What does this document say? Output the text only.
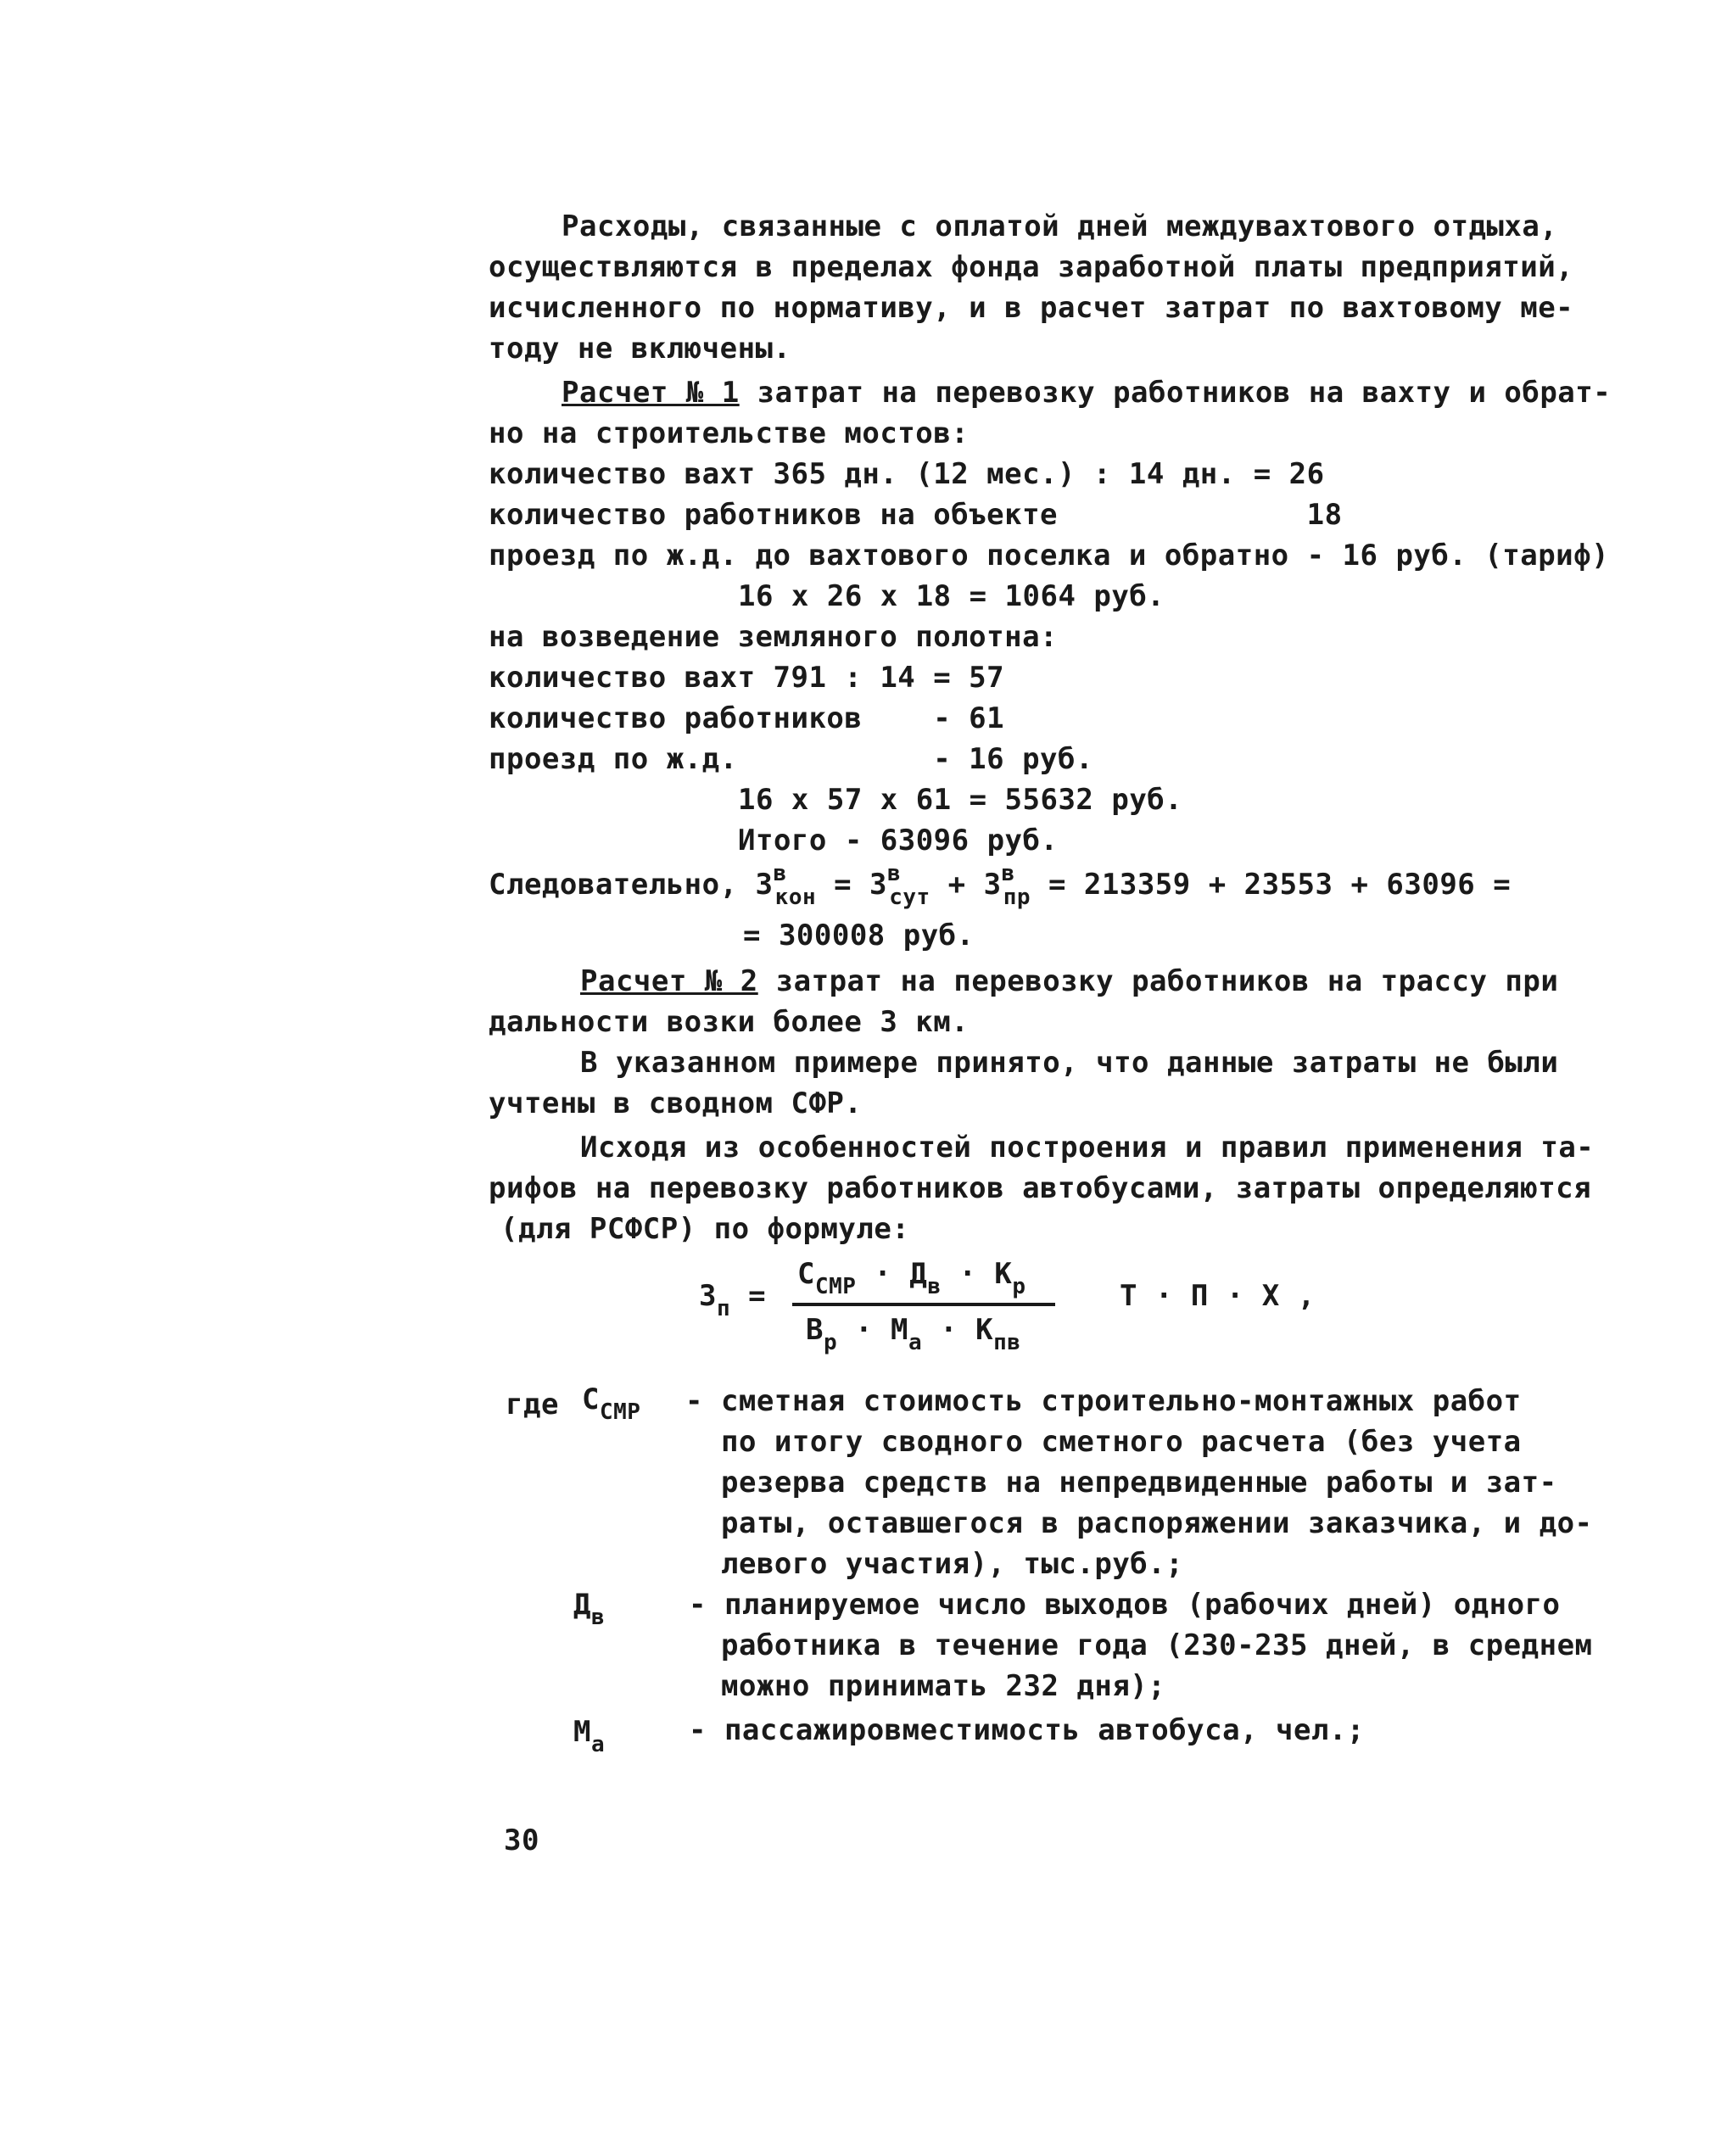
Расходы, связанные с оплатой дней междувахтового отдыха,
осуществляются в пределах фонда заработной платы предприятий,
исчисленного по нормативу, и в расчет затрат по вахтовому ме-
тоду не включены.
Расчет № 1 затрат на перевозку работников на вахту и обрат-
но на строительстве мостов:
количество вахт 365 дн. (12 мес.) : 14 дн. = 26
количество работников на объекте              18
проезд по ж.д. до вахтового поселка и обратно - 16 руб. (тариф)
16 х 26 х 18 = 1064 руб.
на возведение земляного полотна:
количество вахт 791 : 14 = 57
количество работников    - 61
проезд по ж.д.           - 16 руб.
16 х 57 х 61 = 55632 руб.
Итого - 63096 руб.
Следовательно, $З^в_{кон} = З^в_{сут} + З^в_{пр} = 213359 + 23553 + 63096$ =
= 300008 руб.
Расчет № 2 затрат на перевозку работников на трассу при
дальности возки более 3 км.
В указанном примере принято, что данные затраты не были
учтены в сводном СФР.
Исходя из особенностей построения и правил применения та-
рифов на перевозку работников автобусами, затраты определяются
(для РСФСР) по формуле:
$З_п$ =
$С_{СМР} \cdot Д_в \cdot К_р$
$В_р \cdot М_а \cdot К_{пв}$
Т · П · Х ,
где $С_{СМР}$ - сметная стоимость строительно-монтажных работ
по итогу сводного сметного расчета (без учета
резерва средств на непредвиденные работы и зат-
раты, оставшегося в распоряжении заказчика, и до-
левого участия), тыс.руб.;
$Д_в$	- планируемое число выходов (рабочих дней) одного
работника в течение года (230-235 дней, в среднем
можно принимать 232 дня);
$М_а$	- пассажировместимость автобуса, чел.;
30
